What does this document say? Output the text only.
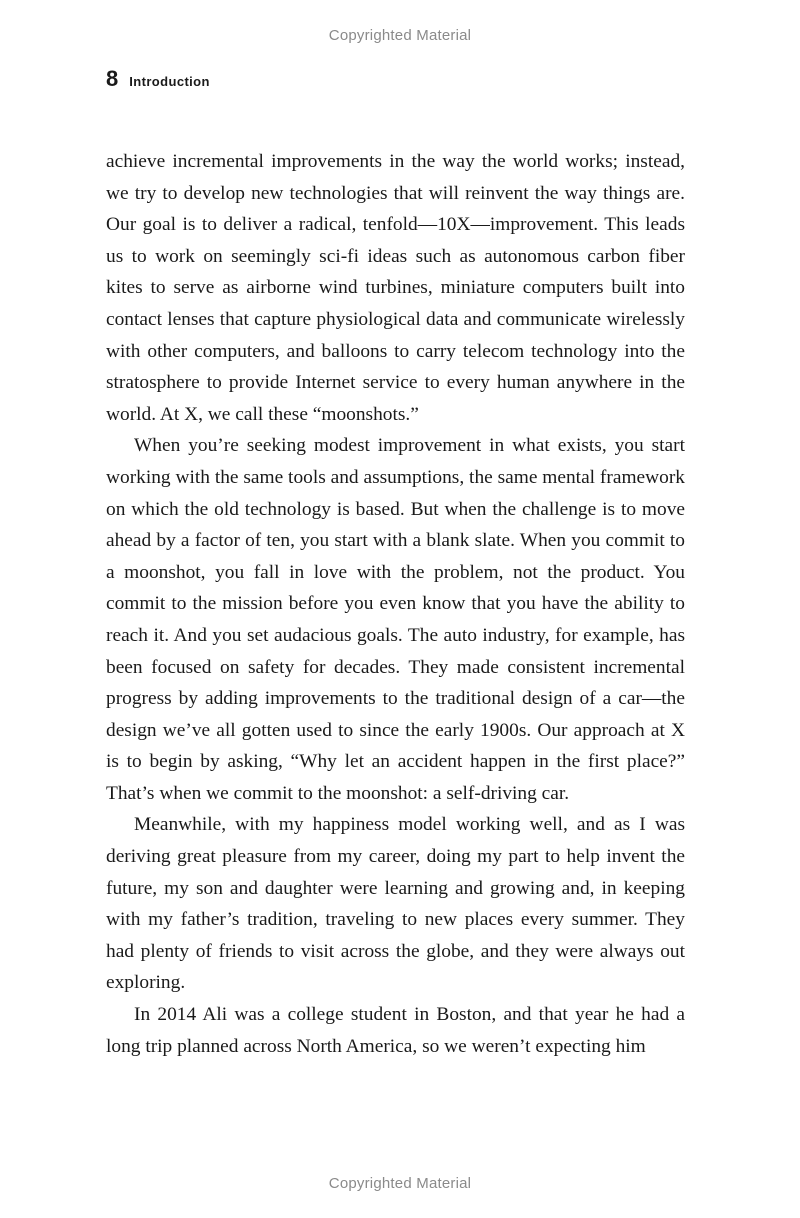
Copyrighted Material
8 Introduction

achieve incremental improvements in the way the world works; instead, we try to develop new technologies that will reinvent the way things are. Our goal is to deliver a radical, tenfold—10X—improvement. This leads us to work on seemingly sci-fi ideas such as autonomous carbon fiber kites to serve as airborne wind turbines, miniature computers built into contact lenses that capture physiological data and communicate wirelessly with other computers, and balloons to carry telecom technology into the stratosphere to provide Internet service to every human anywhere in the world. At X, we call these “moonshots.”

When you’re seeking modest improvement in what exists, you start working with the same tools and assumptions, the same mental framework on which the old technology is based. But when the challenge is to move ahead by a factor of ten, you start with a blank slate. When you commit to a moonshot, you fall in love with the problem, not the product. You commit to the mission before you even know that you have the ability to reach it. And you set audacious goals. The auto industry, for example, has been focused on safety for decades. They made consistent incremental progress by adding improvements to the traditional design of a car—the design we’ve all gotten used to since the early 1900s. Our approach at X is to begin by asking, “Why let an accident happen in the first place?” That’s when we commit to the moonshot: a self-driving car.

Meanwhile, with my happiness model working well, and as I was deriving great pleasure from my career, doing my part to help invent the future, my son and daughter were learning and growing and, in keeping with my father’s tradition, traveling to new places every summer. They had plenty of friends to visit across the globe, and they were always out exploring.

In 2014 Ali was a college student in Boston, and that year he had a long trip planned across North America, so we weren’t expecting him

Copyrighted Material
